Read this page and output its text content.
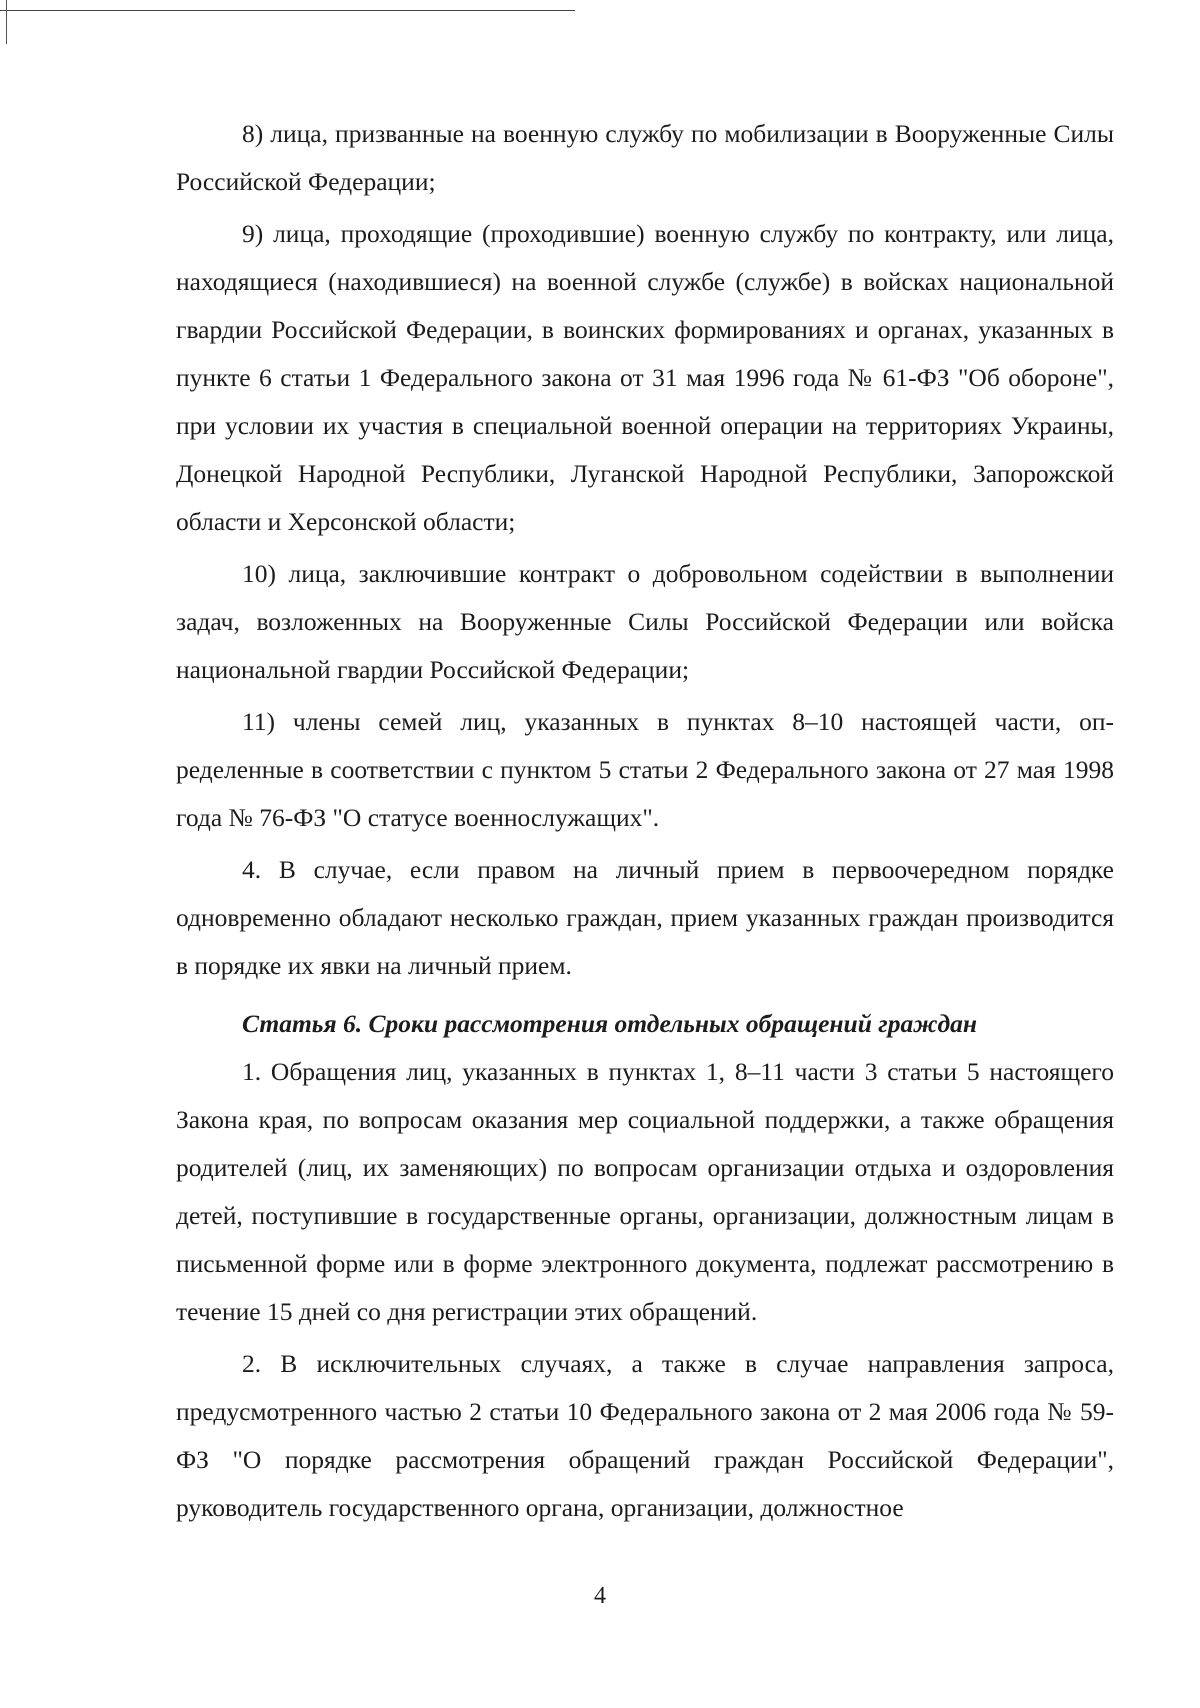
8) лица, призванные на военную службу по мобилизации в Вооруженные Силы Российской Федерации;

9) лица, проходящие (проходившие) военную службу по контракту, или лица, находящиеся (находившиеся) на военной службе (службе) в войсках национальной гвардии Российской Федерации, в воинских формированиях и органах, указанных в пункте 6 статьи 1 Федерального закона от 31 мая 1996 года № 61-ФЗ "Об обороне", при условии их участия в специальной военной операции на территориях Украины, Донецкой Народной Республики, Луганской Народной Республики, Запорожской области и Херсонской области;

10) лица, заключившие контракт о добровольном содействии в выполнении задач, возложенных на Вооруженные Силы Российской Федерации или войска национальной гвардии Российской Федерации;

11) члены семей лиц, указанных в пунктах 8–10 настоящей части, определенные в соответствии с пунктом 5 статьи 2 Федерального закона от 27 мая 1998 года № 76-ФЗ "О статусе военнослужащих".

4. В случае, если правом на личный прием в первоочередном порядке одновременно обладают несколько граждан, прием указанных граждан производится в порядке их явки на личный прием.

Статья 6. Сроки рассмотрения отдельных обращений граждан

1. Обращения лиц, указанных в пунктах 1, 8–11 части 3 статьи 5 настоящего Закона края, по вопросам оказания мер социальной поддержки, а также обращения родителей (лиц, их заменяющих) по вопросам организации отдыха и оздоровления детей, поступившие в государственные органы, организации, должностным лицам в письменной форме или в форме электронного документа, подлежат рассмотрению в течение 15 дней со дня регистрации этих обращений.

2. В исключительных случаях, а также в случае направления запроса, предусмотренного частью 2 статьи 10 Федерального закона от 2 мая 2006 года № 59-ФЗ "О порядке рассмотрения обращений граждан Российской Федерации", руководитель государственного органа, организации, должностное

4
